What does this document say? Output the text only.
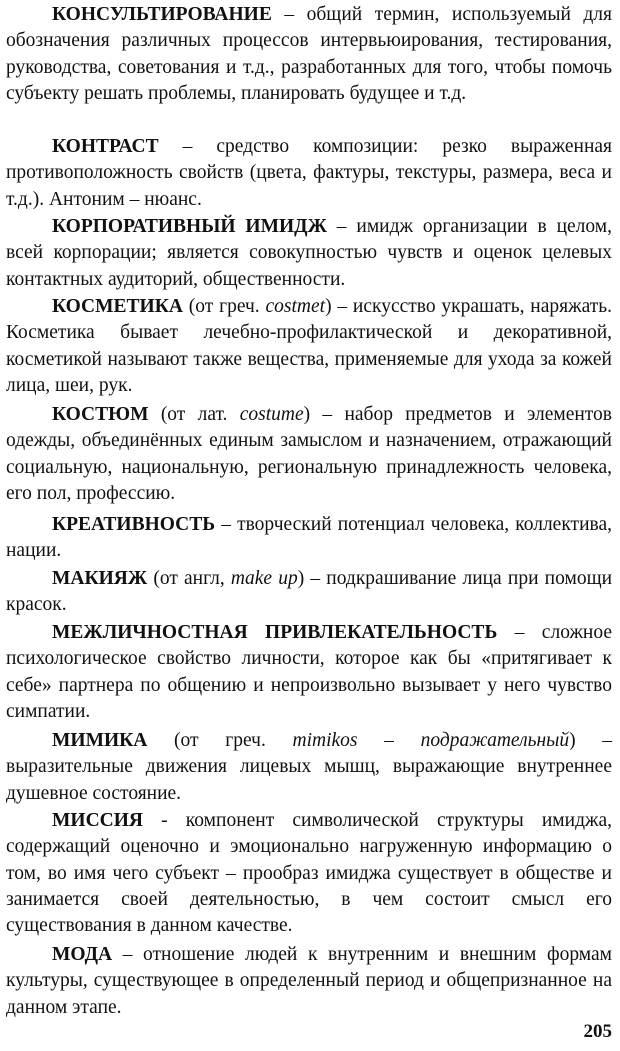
КОНСУЛЬТИРОВАНИЕ – общий термин, используемый для обозначения различных процессов интервьюирования, тестирования, руководства, советования и т.д., разработанных для того, чтобы помочь субъекту решать проблемы, планировать будущее и т.д.

КОНТРАСТ – средство композиции: резко выраженная противоположность свойств (цвета, фактуры, текстуры, размера, веса и т.д.). Антоним – нюанс.

КОРПОРАТИВНЫЙ ИМИДЖ – имидж организации в целом, всей корпорации; является совокупностью чувств и оценок целевых контактных аудиторий, общественности.

КОСМЕТИКА (от греч. costmet) – искусство украшать, наряжать. Косметика бывает лечебно-профилактической и декоративной, косметикой называют также вещества, применяемые для ухода за кожей лица, шеи, рук.

КОСТЮМ (от лат. costume) – набор предметов и элементов одежды, объединённых единым замыслом и назначением, отражающий социальную, национальную, региональную принадлежность человека, его пол, профессию.

КРЕАТИВНОСТЬ – творческий потенциал человека, коллектива, нации.

МАКИЯЖ (от англ, make up) – подкрашивание лица при помощи красок.

МЕЖЛИЧНОСТНАЯ ПРИВЛЕКАТЕЛЬНОСТЬ – сложное психологическое свойство личности, которое как бы «притягивает к себе» партнера по общению и непроизвольно вызывает у него чувство симпатии.

МИМИКА (от греч. mimikos – подражательный) – выразительные движения лицевых мышц, выражающие внутреннее душевное состояние.

МИССИЯ - компонент символической структуры имиджа, содержащий оценочно и эмоционально нагруженную информацию о том, во имя чего субъект – прообраз имиджа существует в обществе и занимается своей деятельностью, в чем состоит смысл его существования в данном качестве.

МОДА – отношение людей к внутренним и внешним формам культуры, существующее в определенный период и общепризнанное на данном этапе.

205
